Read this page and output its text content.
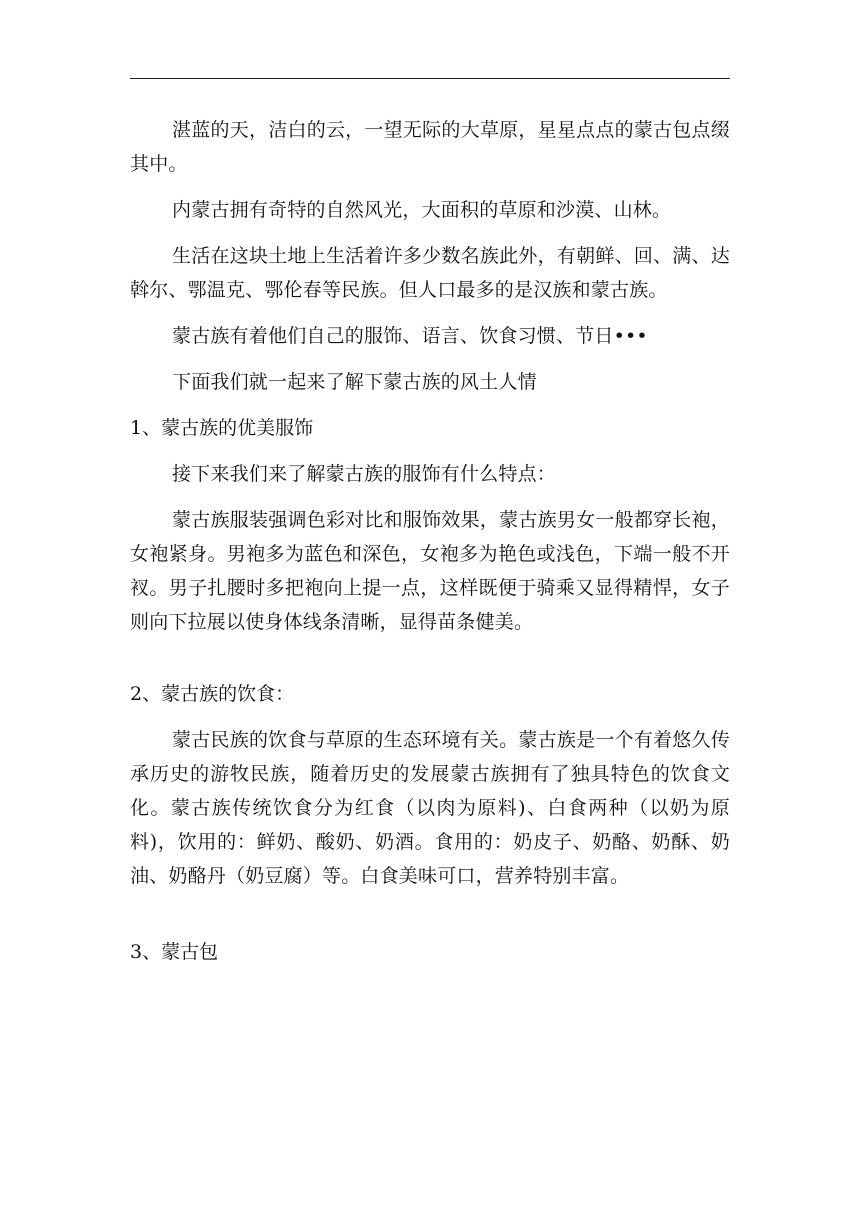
湛蓝的天，洁白的云，一望无际的大草原，星星点点的蒙古包点缀其中。

内蒙古拥有奇特的自然风光，大面积的草原和沙漠、山林。

生活在这块土地上生活着许多少数名族此外，有朝鲜、回、满、达斡尔、鄂温克、鄂伦春等民族。但人口最多的是汉族和蒙古族。

蒙古族有着他们自己的服饰、语言、饮食习惯、节日•••

下面我们就一起来了解下蒙古族的风土人情

1、蒙古族的优美服饰

接下来我们来了解蒙古族的服饰有什么特点：

蒙古族服装强调色彩对比和服饰效果，蒙古族男女一般都穿长袍，女袍紧身。男袍多为蓝色和深色，女袍多为艳色或浅色，下端一般不开衩。男子扎腰时多把袍向上提一点，这样既便于骑乘又显得精悍，女子则向下拉展以使身体线条清晰，显得苗条健美。

2、蒙古族的饮食：

蒙古民族的饮食与草原的生态环境有关。蒙古族是一个有着悠久传承历史的游牧民族，随着历史的发展蒙古族拥有了独具特色的饮食文化。蒙古族传统饮食分为红食（以肉为原料)、白食两种（以奶为原料)，饮用的：鲜奶、酸奶、奶酒。食用的：奶皮子、奶酪、奶酥、奶油、奶酪丹（奶豆腐）等。白食美味可口，营养特别丰富。

3、蒙古包
